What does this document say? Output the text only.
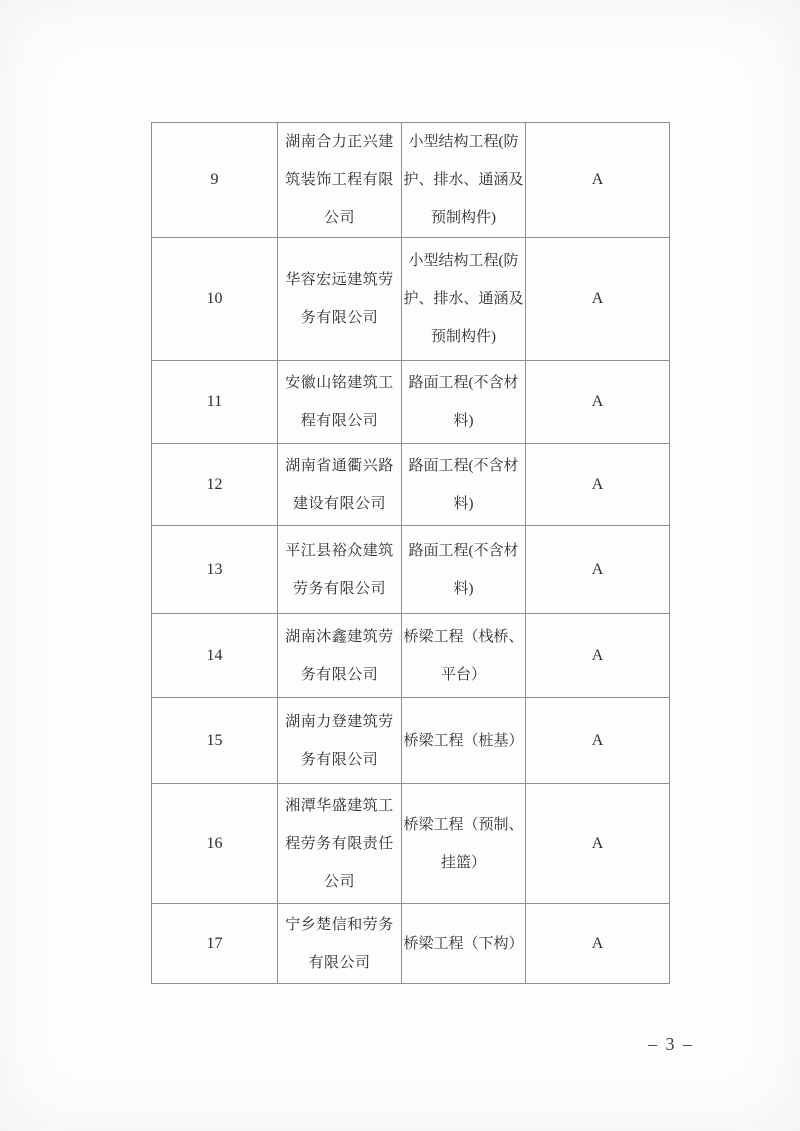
9	湖南合力正兴建筑装饰工程有限公司	小型结构工程(防护、排水、通涵及预制构件)	A
10	华容宏远建筑劳务有限公司	小型结构工程(防护、排水、通涵及预制构件)	A
11	安徽山铭建筑工程有限公司	路面工程(不含材料)	A
12	湖南省通衢兴路建设有限公司	路面工程(不含材料)	A
13	平江县裕众建筑劳务有限公司	路面工程(不含材料)	A
14	湖南沐鑫建筑劳务有限公司	桥梁工程（栈桥、平台）	A
15	湖南力登建筑劳务有限公司	桥梁工程（桩基）	A
16	湘潭华盛建筑工程劳务有限责任公司	桥梁工程（预制、挂篮）	A
17	宁乡楚信和劳务有限公司	桥梁工程（下构）	A
– 3 –
